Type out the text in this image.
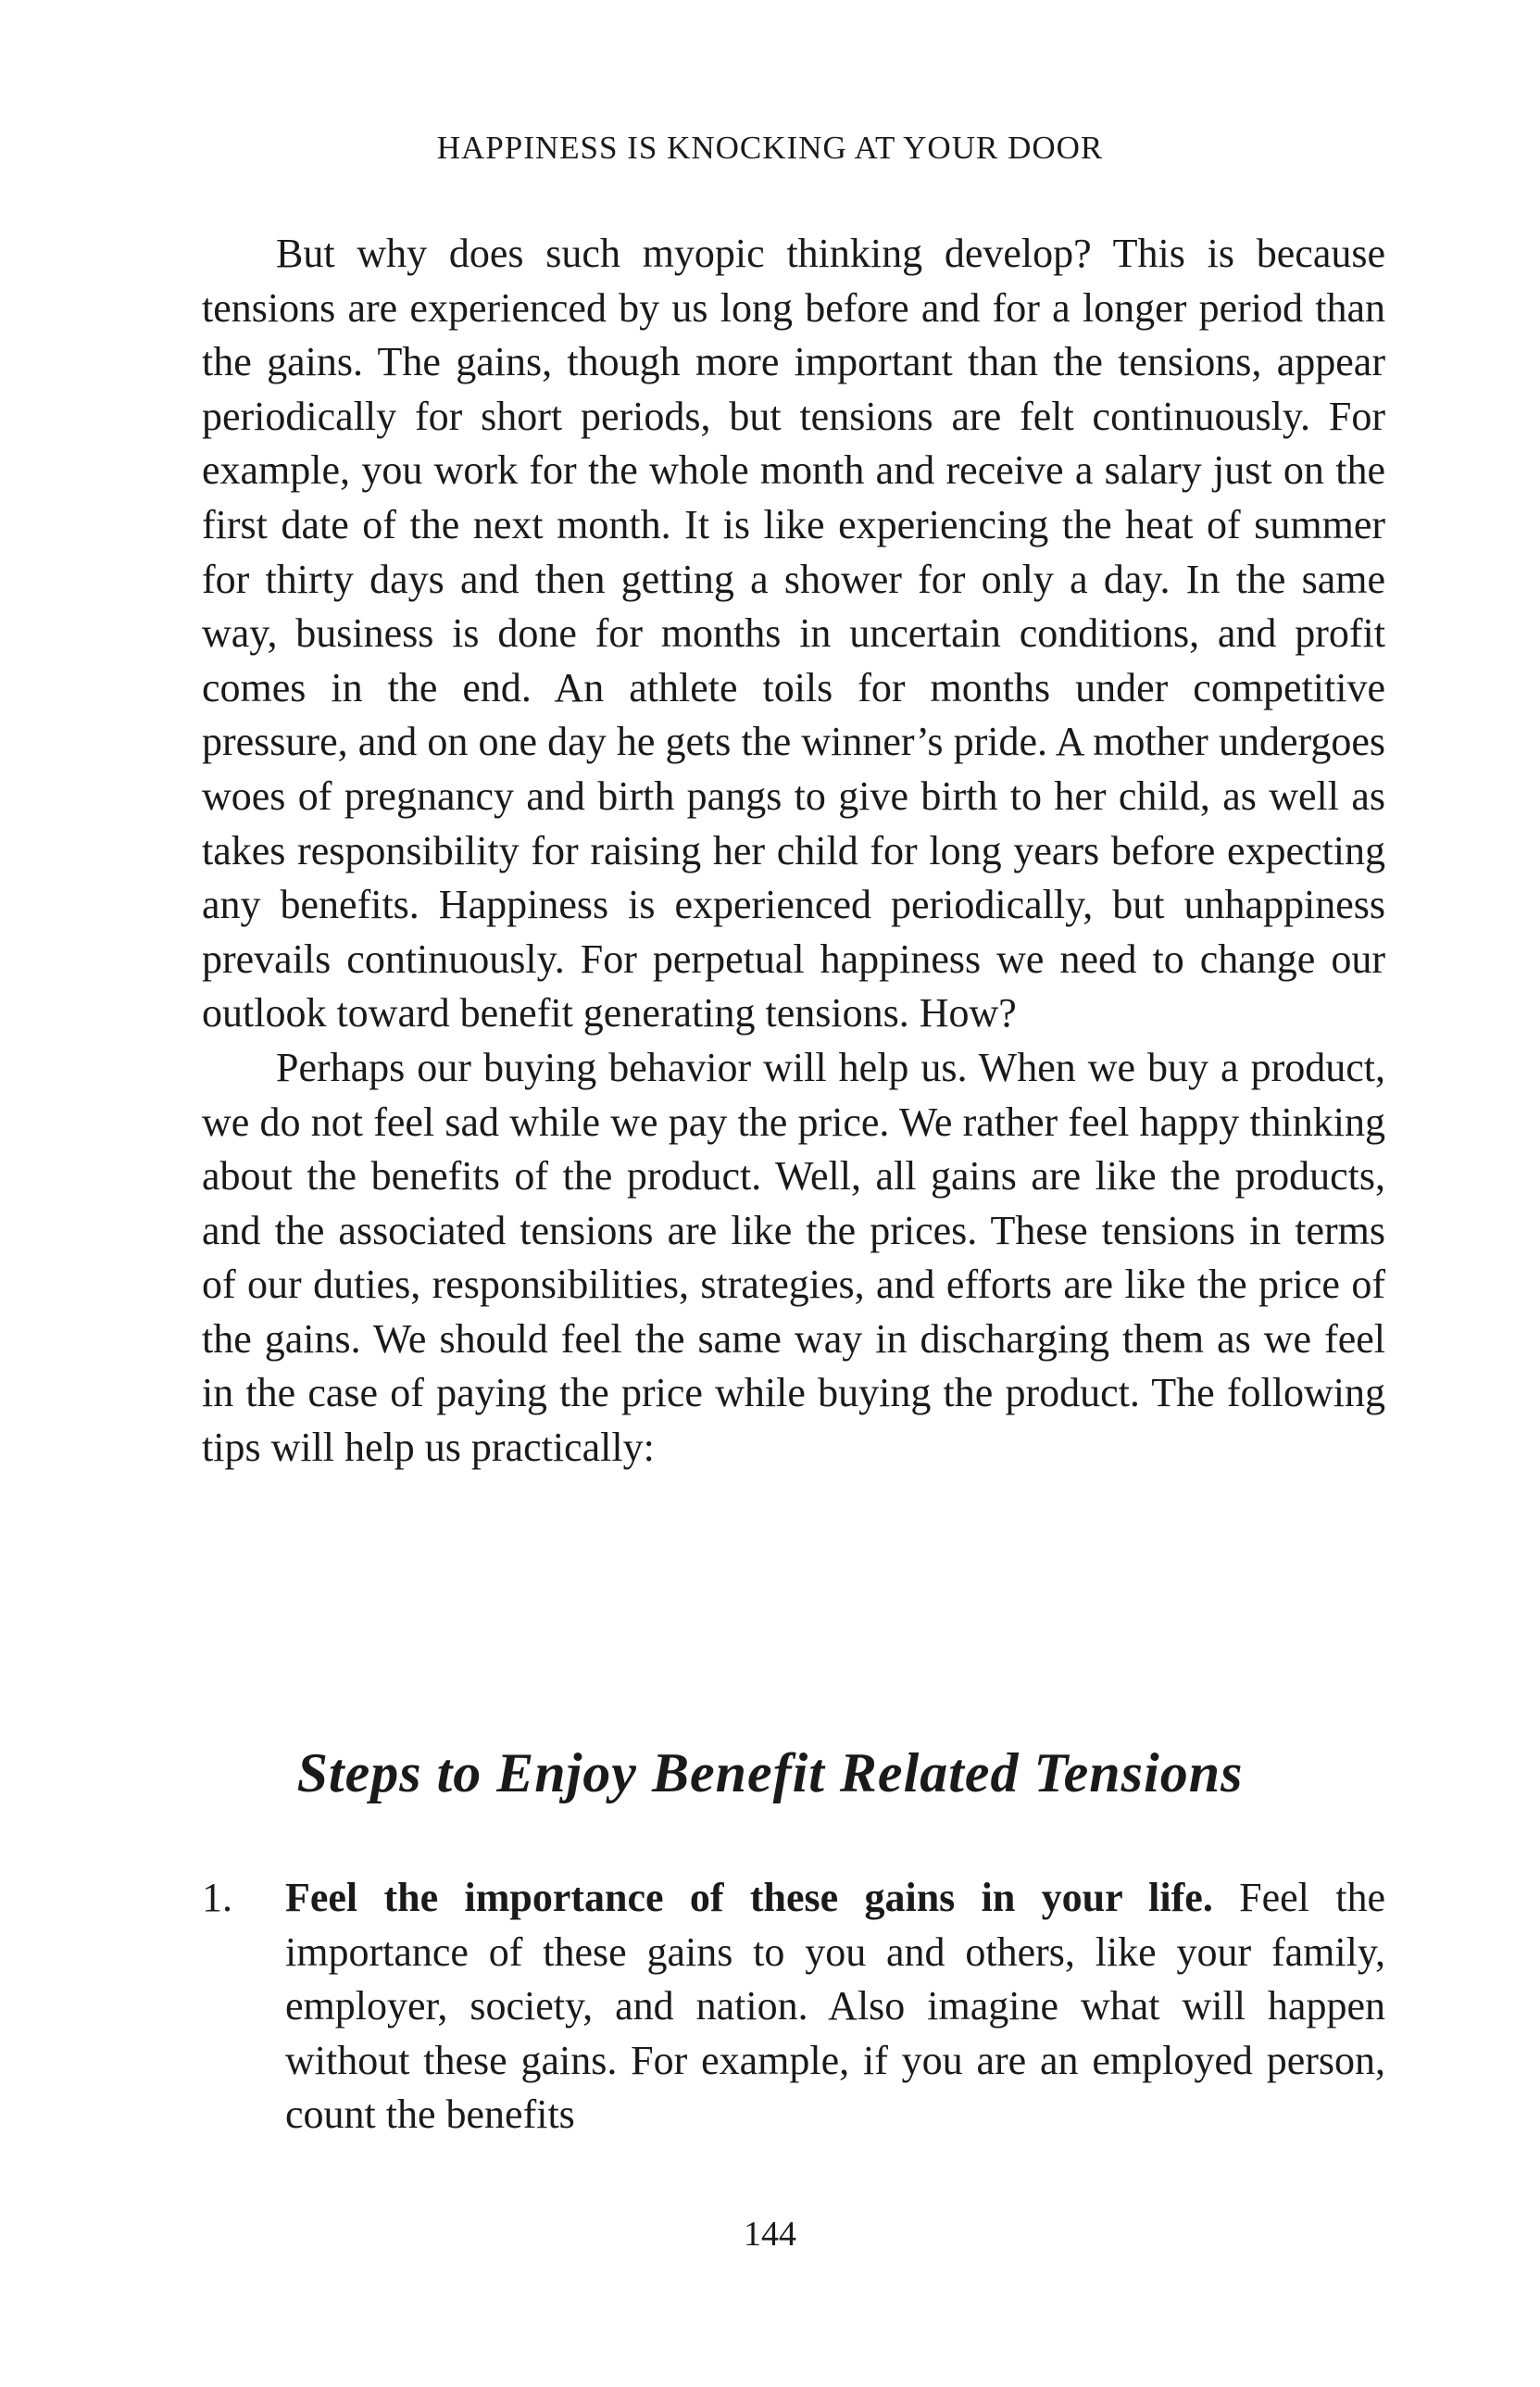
HAPPINESS IS KNOCKING AT YOUR DOOR

But why does such myopic thinking develop? This is because tensions are experienced by us long before and for a longer period than the gains. The gains, though more important than the tensions, appear periodically for short periods, but tensions are felt continuously. For example, you work for the whole month and receive a salary just on the first date of the next month. It is like experiencing the heat of summer for thirty days and then getting a shower for only a day. In the same way, business is done for months in uncertain conditions, and profit comes in the end. An athlete toils for months under competitive pressure, and on one day he gets the winner’s pride. A mother undergoes woes of pregnancy and birth pangs to give birth to her child, as well as takes responsibility for raising her child for long years before expecting any benefits. Happiness is experienced periodically, but unhappiness prevails continuously. For perpetual happiness we need to change our outlook toward benefit generating tensions. How?

Perhaps our buying behavior will help us. When we buy a product, we do not feel sad while we pay the price. We rather feel happy thinking about the benefits of the product. Well, all gains are like the products, and the associated tensions are like the prices. These tensions in terms of our duties, responsibilities, strategies, and efforts are like the price of the gains. We should feel the same way in discharging them as we feel in the case of paying the price while buying the product. The following tips will help us practically:

Steps to Enjoy Benefit Related Tensions
1.	Feel the importance of these gains in your life. Feel the importance of these gains to you and others, like your family, employer, society, and nation. Also imagine what will happen without these gains. For example, if you are an employed person, count the benefits
144
